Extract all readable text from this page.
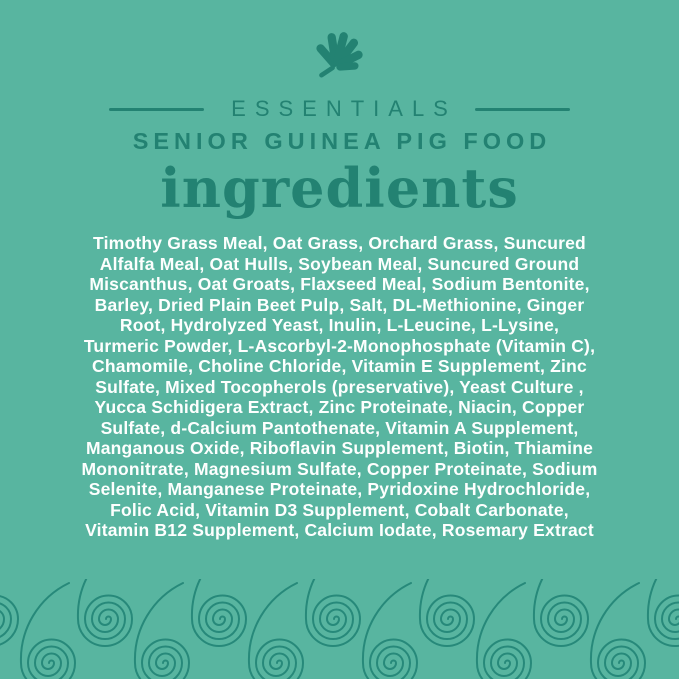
ESSENTIALS
SENIOR GUINEA PIG FOOD
ingredients
Timothy Grass Meal, Oat Grass, Orchard Grass, Suncured
Alfalfa Meal, Oat Hulls, Soybean Meal, Suncured Ground
Miscanthus, Oat Groats, Flaxseed Meal, Sodium Bentonite,
Barley, Dried Plain Beet Pulp, Salt, DL-Methionine, Ginger
Root, Hydrolyzed Yeast, Inulin, L-Leucine, L-Lysine,
Turmeric Powder, L-Ascorbyl-2-Monophosphate (Vitamin C),
Chamomile, Choline Chloride, Vitamin E Supplement, Zinc
Sulfate, Mixed Tocopherols (preservative), Yeast Culture ,
Yucca Schidigera Extract, Zinc Proteinate, Niacin, Copper
Sulfate, d-Calcium Pantothenate, Vitamin A Supplement,
Manganous Oxide, Riboflavin Supplement, Biotin, Thiamine
Mononitrate, Magnesium Sulfate, Copper Proteinate, Sodium
Selenite, Manganese Proteinate, Pyridoxine Hydrochloride,
Folic Acid, Vitamin D3 Supplement, Cobalt Carbonate,
Vitamin B12 Supplement, Calcium Iodate, Rosemary Extract
